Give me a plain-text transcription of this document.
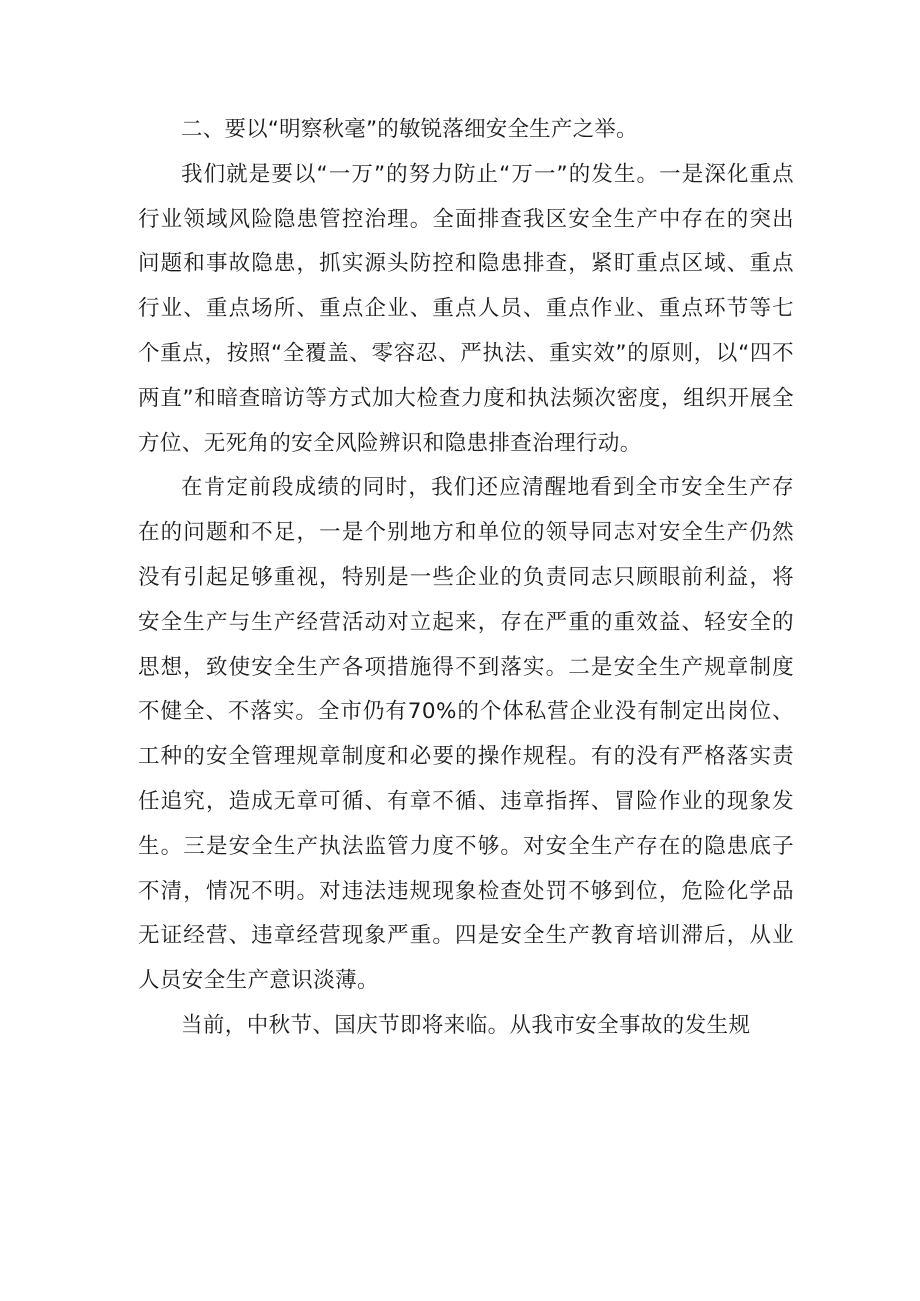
二、要以“明察秋毫”的敏锐落细安全生产之举。

我们就是要以“一万”的努力防止“万一”的发生。一是深化重点行业领域风险隐患管控治理。全面排查我区安全生产中存在的突出问题和事故隐患，抓实源头防控和隐患排查，紧盯重点区域、重点行业、重点场所、重点企业、重点人员、重点作业、重点环节等七个重点，按照“全覆盖、零容忍、严执法、重实效”的原则，以“四不两直”和暗查暗访等方式加大检查力度和执法频次密度，组织开展全方位、无死角的安全风险辨识和隐患排查治理行动。

在肯定前段成绩的同时，我们还应清醒地看到全市安全生产存在的问题和不足，一是个别地方和单位的领导同志对安全生产仍然没有引起足够重视，特别是一些企业的负责同志只顾眼前利益，将安全生产与生产经营活动对立起来，存在严重的重效益、轻安全的思想，致使安全生产各项措施得不到落实。二是安全生产规章制度不健全、不落实。全市仍有70%的个体私营企业没有制定出岗位、工种的安全管理规章制度和必要的操作规程。有的没有严格落实责任追究，造成无章可循、有章不循、违章指挥、冒险作业的现象发生。三是安全生产执法监管力度不够。对安全生产存在的隐患底子不清，情况不明。对违法违规现象检查处罚不够到位，危险化学品无证经营、违章经营现象严重。四是安全生产教育培训滞后，从业人员安全生产意识淡薄。

当前，中秋节、国庆节即将来临。从我市安全事故的发生规
